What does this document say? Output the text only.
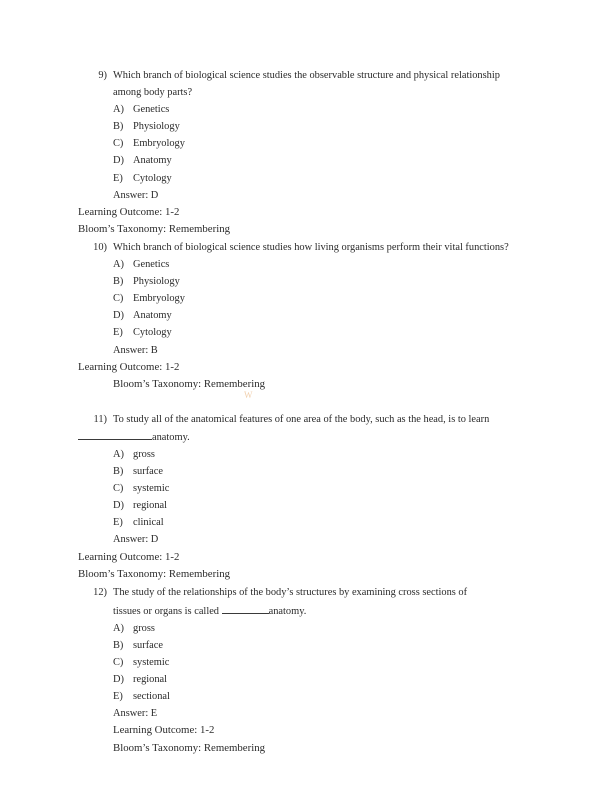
9) Which branch of biological science studies the observable structure and physical relationship among body parts?
A) Genetics
B) Physiology
C) Embryology
D) Anatomy
E) Cytology
Answer: D
Learning Outcome: 1-2
Bloom’s Taxonomy: Remembering
10) Which branch of biological science studies how living organisms perform their vital functions?
A) Genetics
B) Physiology
C) Embryology
D) Anatomy
E) Cytology
Answer: B
Learning Outcome: 1-2
Bloom’s Taxonomy: Remembering
W
11) To study all of the anatomical features of one area of the body, such as the head, is to learn
anatomy.
A) gross
B) surface
C) systemic
D) regional
E) clinical
Answer: D
Learning Outcome: 1-2
Bloom’s Taxonomy: Remembering
12) The study of the relationships of the body’s structures by examining cross sections of
tissues or organs is called	anatomy.
A) gross
B) surface
C) systemic
D) regional
E) sectional
Answer: E
Learning Outcome: 1-2
Bloom’s Taxonomy: Remembering
